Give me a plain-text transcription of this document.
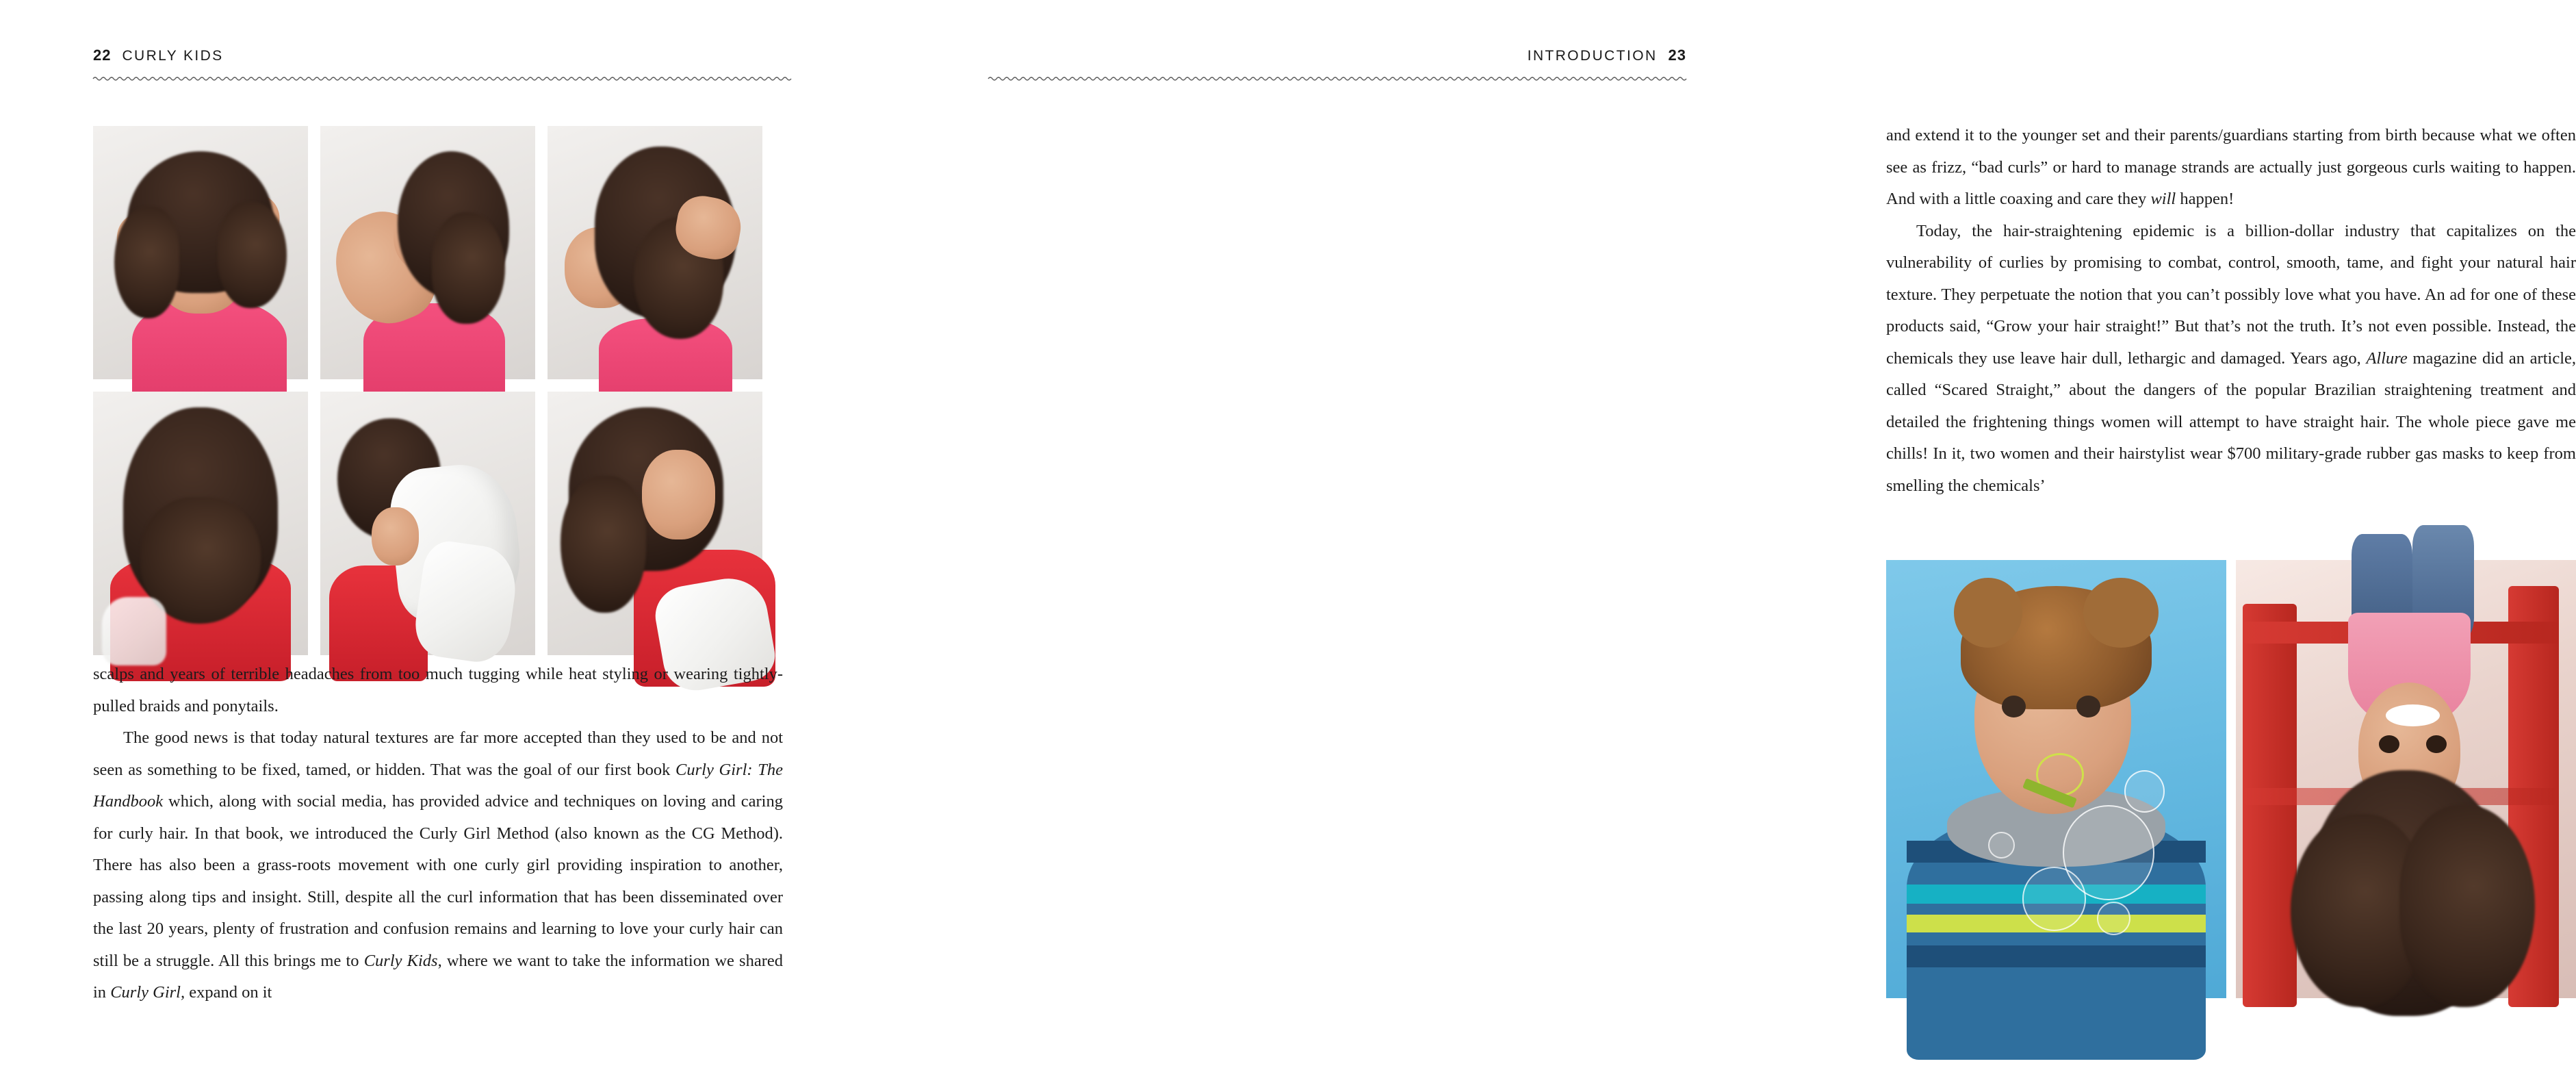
22 CURLY KIDS

scalps and years of terrible headaches from too much tugging while heat styling or wearing tightly-pulled braids and ponytails.

The good news is that today natural textures are far more accepted than they used to be and not seen as something to be fixed, tamed, or hidden. That was the goal of our first book Curly Girl: The Handbook which, along with social media, has provided advice and techniques on loving and caring for curly hair. In that book, we introduced the Curly Girl Method (also known as the CG Method). There has also been a grass-roots movement with one curly girl providing inspiration to another, passing along tips and insight. Still, despite all the curl information that has been disseminated over the last 20 years, plenty of frustration and confusion remains and learning to love your curly hair can still be a struggle. All this brings me to Curly Kids, where we want to take the information we shared in Curly Girl, expand on it

INTRODUCTION 23

and extend it to the younger set and their parents/guardians starting from birth because what we often see as frizz, “bad curls” or hard to manage strands are actually just gorgeous curls waiting to happen. And with a little coaxing and care they will happen!

Today, the hair-straightening epidemic is a billion-dollar industry that capitalizes on the vulnerability of curlies by promising to combat, control, smooth, tame, and fight your natural hair texture. They perpetuate the notion that you can’t possibly love what you have. An ad for one of these products said, “Grow your hair straight!” But that’s not the truth. It’s not even possible. Instead, the chemicals they use leave hair dull, lethargic and damaged. Years ago, Allure magazine did an article, called “Scared Straight,” about the dangers of the popular Brazilian straightening treatment and detailed the frightening things women will attempt to have straight hair. The whole piece gave me chills! In it, two women and their hairstylist wear $700 military-grade rubber gas masks to keep from smelling the chemicals’
